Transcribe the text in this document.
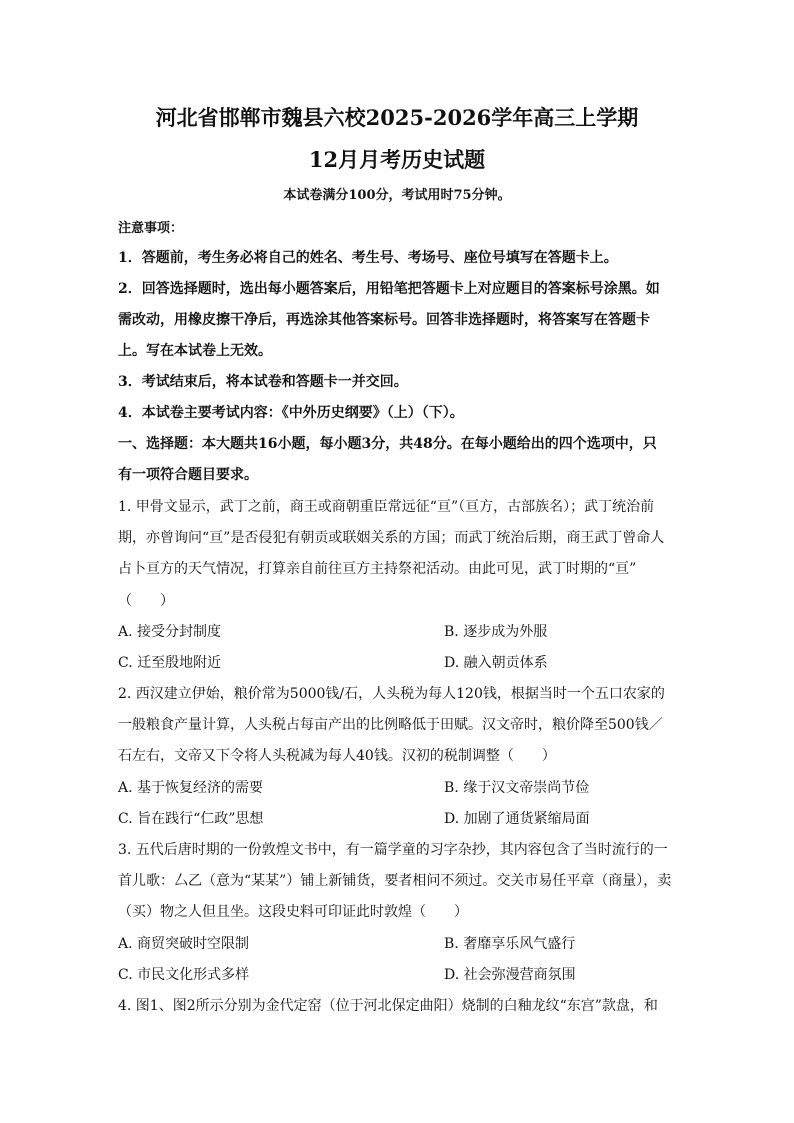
河北省邯郸市魏县六校2025-2026学年高三上学期
12月月考历史试题
本试卷满分100分，考试用时75分钟。
注意事项：
1．答题前，考生务必将自己的姓名、考生号、考场号、座位号填写在答题卡上。
2．回答选择题时，选出每小题答案后，用铅笔把答题卡上对应题目的答案标号涂黑。如
需改动，用橡皮擦干净后，再选涂其他答案标号。回答非选择题时，将答案写在答题卡
上。写在本试卷上无效。
3．考试结束后，将本试卷和答题卡一并交回。
4．本试卷主要考试内容：《中外历史纲要》（上）（下）。
一、选择题：本大题共16小题，每小题3分，共48分。在每小题给出的四个选项中，只
有一项符合题目要求。
1. 甲骨文显示，武丁之前，商王或商朝重臣常远征“亘”（亘方，古部族名）；武丁统治前
期，亦曾询问“亘”是否侵犯有朝贡或联姻关系的方国；而武丁统治后期，商王武丁曾命人
占卜亘方的天气情况，打算亲自前往亘方主持祭祀活动。由此可见，武丁时期的“亘”
（　　）
A. 接受分封制度	B. 逐步成为外服
C. 迁至殷地附近	D. 融入朝贡体系
2. 西汉建立伊始，粮价常为5000钱/石，人头税为每人120钱，根据当时一个五口农家的
一般粮食产量计算，人头税占每亩产出的比例略低于田赋。汉文帝时，粮价降至500钱／
石左右，文帝又下令将人头税减为每人40钱。汉初的税制调整（　　）
A. 基于恢复经济的需要	B. 缘于汉文帝崇尚节俭
C. 旨在践行“仁政”思想	D. 加剧了通货紧缩局面
3. 五代后唐时期的一份敦煌文书中，有一篇学童的习字杂抄，其内容包含了当时流行的一
首儿歌：厶乙（意为“某某”）铺上新铺货，要者相问不须过。交关市易任平章（商量），卖
（买）物之人但且坐。这段史料可印证此时敦煌（　　）
A. 商贸突破时空限制	B. 奢靡享乐风气盛行
C. 市民文化形式多样	D. 社会弥漫营商氛围
4. 图1、图2所示分别为金代定窑（位于河北保定曲阳）烧制的白釉龙纹“东宫”款盘，和
